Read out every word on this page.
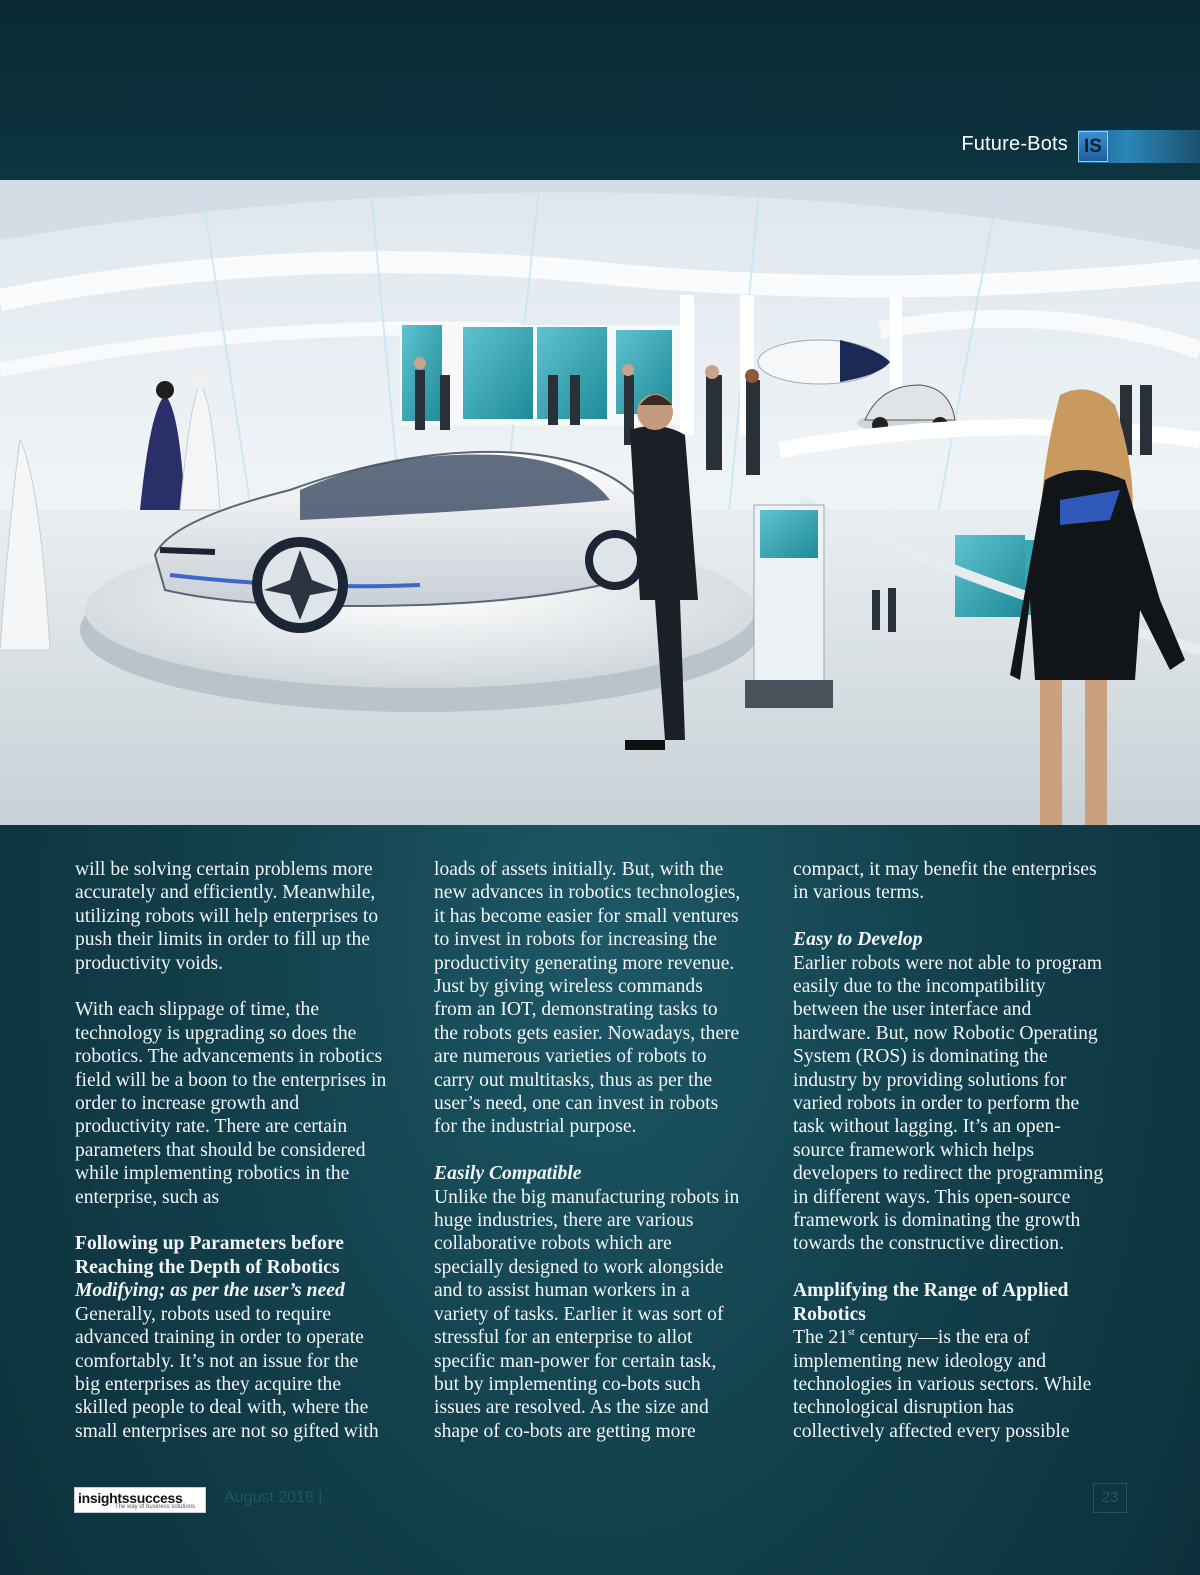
IS
Future-Bots

will be solving certain problems more
accurately and efficiently. Meanwhile,
utilizing robots will help enterprises to
push their limits in order to fill up the
productivity voids.

With each slippage of time, the
technology is upgrading so does the
robotics. The advancements in robotics
field will be a boon to the enterprises in
order to increase growth and
productivity rate. There are certain
parameters that should be considered
while implementing robotics in the
enterprise, such as

Following up Parameters before
Reaching the Depth of Robotics

Modifying; as per the user’s need

Generally, robots used to require
advanced training in order to operate
comfortably. It’s not an issue for the
big enterprises as they acquire the
skilled people to deal with, where the
small enterprises are not so gifted with

loads of assets initially. But, with the
new advances in robotics technologies,
it has become easier for small ventures
to invest in robots for increasing the
productivity generating more revenue.
Just by giving wireless commands
from an IOT, demonstrating tasks to
the robots gets easier. Nowadays, there
are numerous varieties of robots to
carry out multitasks, thus as per the
user’s need, one can invest in robots
for the industrial purpose.

Easily Compatible

Unlike the big manufacturing robots in
huge industries, there are various
collaborative robots which are
specially designed to work alongside
and to assist human workers in a
variety of tasks. Earlier it was sort of
stressful for an enterprise to allot
specific man-power for certain task,
but by implementing co-bots such
issues are resolved. As the size and
shape of co-bots are getting more

compact, it may benefit the enterprises
in various terms.

Easy to Develop

Earlier robots were not able to program
easily due to the incompatibility
between the user interface and
hardware. But, now Robotic Operating
System (ROS) is dominating the
industry by providing solutions for
varied robots in order to perform the
task without lagging. It’s an open-
source framework which helps
developers to redirect the programming
in different ways. This open-source
framework is dominating the growth
towards the constructive direction.

Amplifying the Range of Applied
Robotics

The 21st century—is the era of
implementing new ideology and
technologies in various sectors. While
technological disruption has
collectively affected every possible

insightssuccess
The way of business solutions
August 2018 |	23
